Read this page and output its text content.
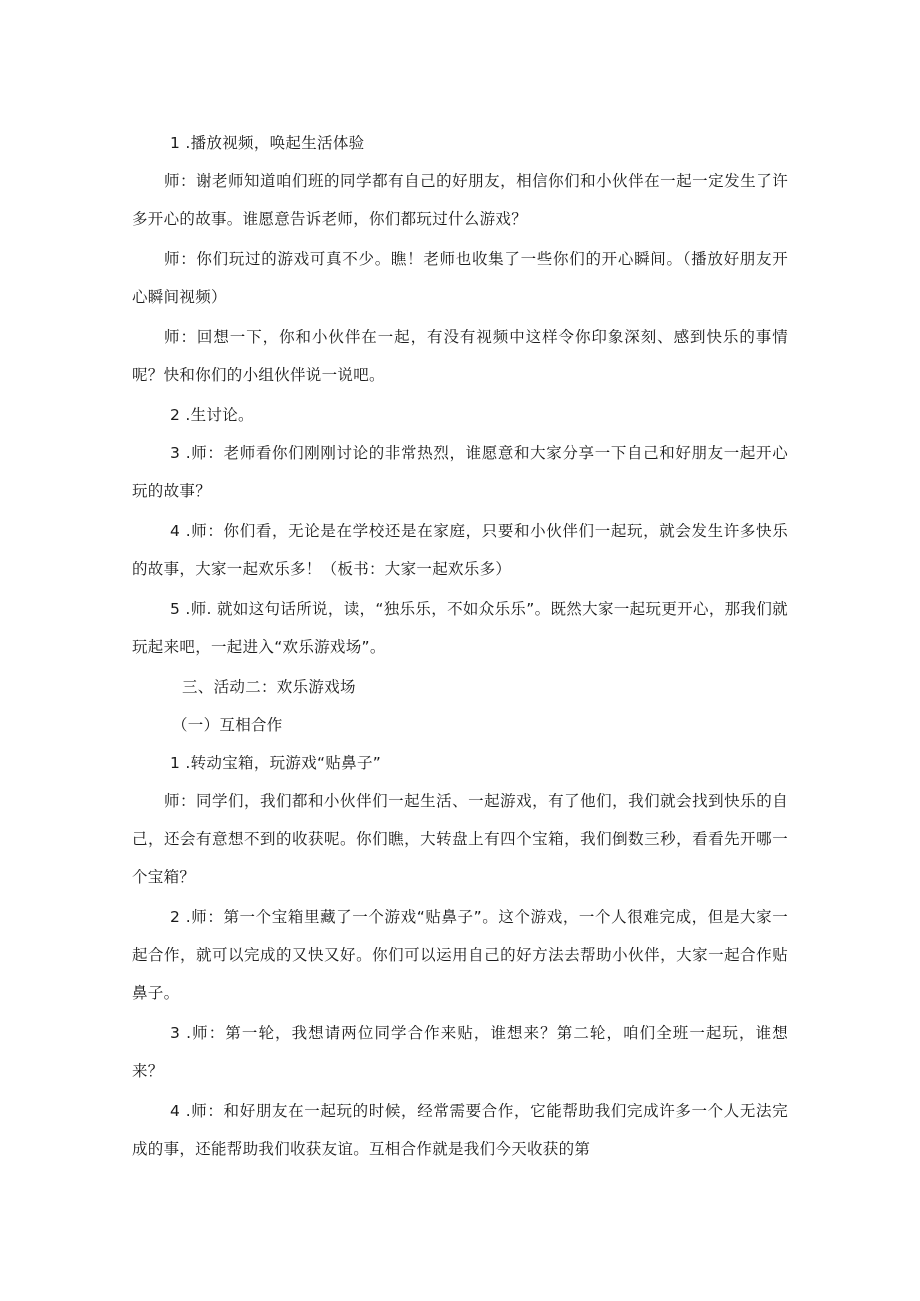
1 .播放视频，唤起生活体验

师：谢老师知道咱们班的同学都有自己的好朋友，相信你们和小伙伴在一起一定发生了许多开心的故事。谁愿意告诉老师，你们都玩过什么游戏？

师：你们玩过的游戏可真不少。瞧！老师也收集了一些你们的开心瞬间。（播放好朋友开心瞬间视频）

师：回想一下，你和小伙伴在一起，有没有视频中这样令你印象深刻、感到快乐的事情呢？快和你们的小组伙伴说一说吧。

2 .生讨论。

3 .师：老师看你们刚刚讨论的非常热烈，谁愿意和大家分享一下自己和好朋友一起开心玩的故事？

4 .师：你们看，无论是在学校还是在家庭，只要和小伙伴们一起玩，就会发生许多快乐的故事，大家一起欢乐多！（板书：大家一起欢乐多）

5 .师. 就如这句话所说，读，“独乐乐，不如众乐乐”。既然大家一起玩更开心，那我们就玩起来吧，一起进入“欢乐游戏场”。

三、活动二：欢乐游戏场

（一）互相合作

1 .转动宝箱，玩游戏“贴鼻子”

师：同学们，我们都和小伙伴们一起生活、一起游戏，有了他们，我们就会找到快乐的自己，还会有意想不到的收获呢。你们瞧，大转盘上有四个宝箱，我们倒数三秒，看看先开哪一个宝箱？

2 .师：第一个宝箱里藏了一个游戏“贴鼻子”。这个游戏，一个人很难完成，但是大家一起合作，就可以完成的又快又好。你们可以运用自己的好方法去帮助小伙伴，大家一起合作贴鼻子。

3 .师：第一轮，我想请两位同学合作来贴，谁想来？第二轮，咱们全班一起玩，谁想来？

4 .师：和好朋友在一起玩的时候，经常需要合作，它能帮助我们完成许多一个人无法完成的事，还能帮助我们收获友谊。互相合作就是我们今天收获的第
